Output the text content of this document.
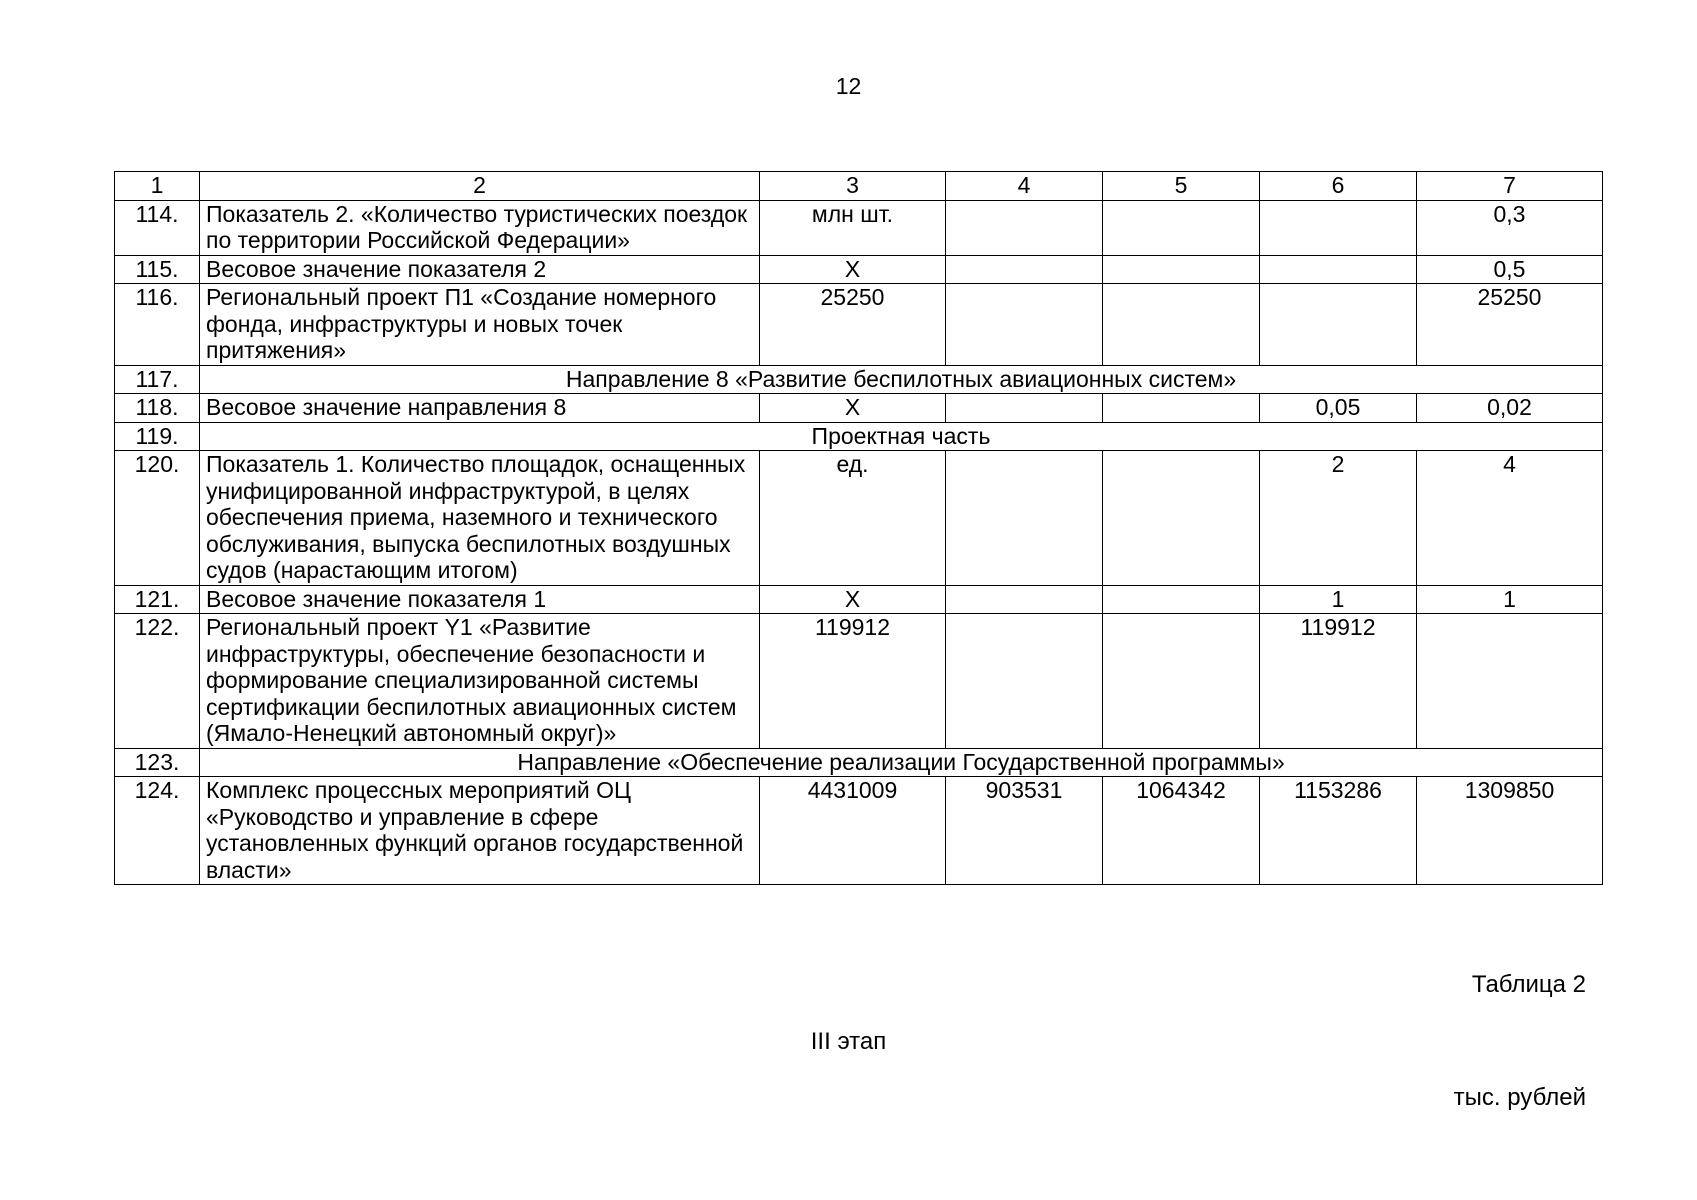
12
1	2	3	4	5	6	7
114.	Показатель 2. «Количество туристических поездок по территории Российской Федерации»	млн шт.				0,3
115.	Весовое значение показателя 2	Х				0,5
116.	Региональный проект П1 «Создание номерного фонда, инфраструктуры и новых точек притяжения»	25250				25250
117.	Направление 8 «Развитие беспилотных авиационных систем»					
118.	Весовое значение направления 8	Х			0,05	0,02
119.	Проектная часть					
120.	Показатель 1. Количество площадок, оснащенных унифицированной инфраструктурой, в целях обеспечения приема, наземного и технического обслуживания, выпуска беспилотных воздушных судов (нарастающим итогом)	ед.			2	4
121.	Весовое значение показателя 1	Х			1	1
122.	Региональный проект Y1 «Развитие инфраструктуры, обеспечение безопасности и формирование специализированной системы сертификации беспилотных авиационных систем (Ямало-Ненецкий автономный округ)»	119912			119912	
123.	Направление «Обеспечение реализации Государственной программы»					
124.	Комплекс процессных мероприятий ОЦ «Руководство и управление в сфере установленных функций органов государственной власти»	4431009	903531	1064342	1153286	1309850
Таблица 2
III этап
тыс. рублей
